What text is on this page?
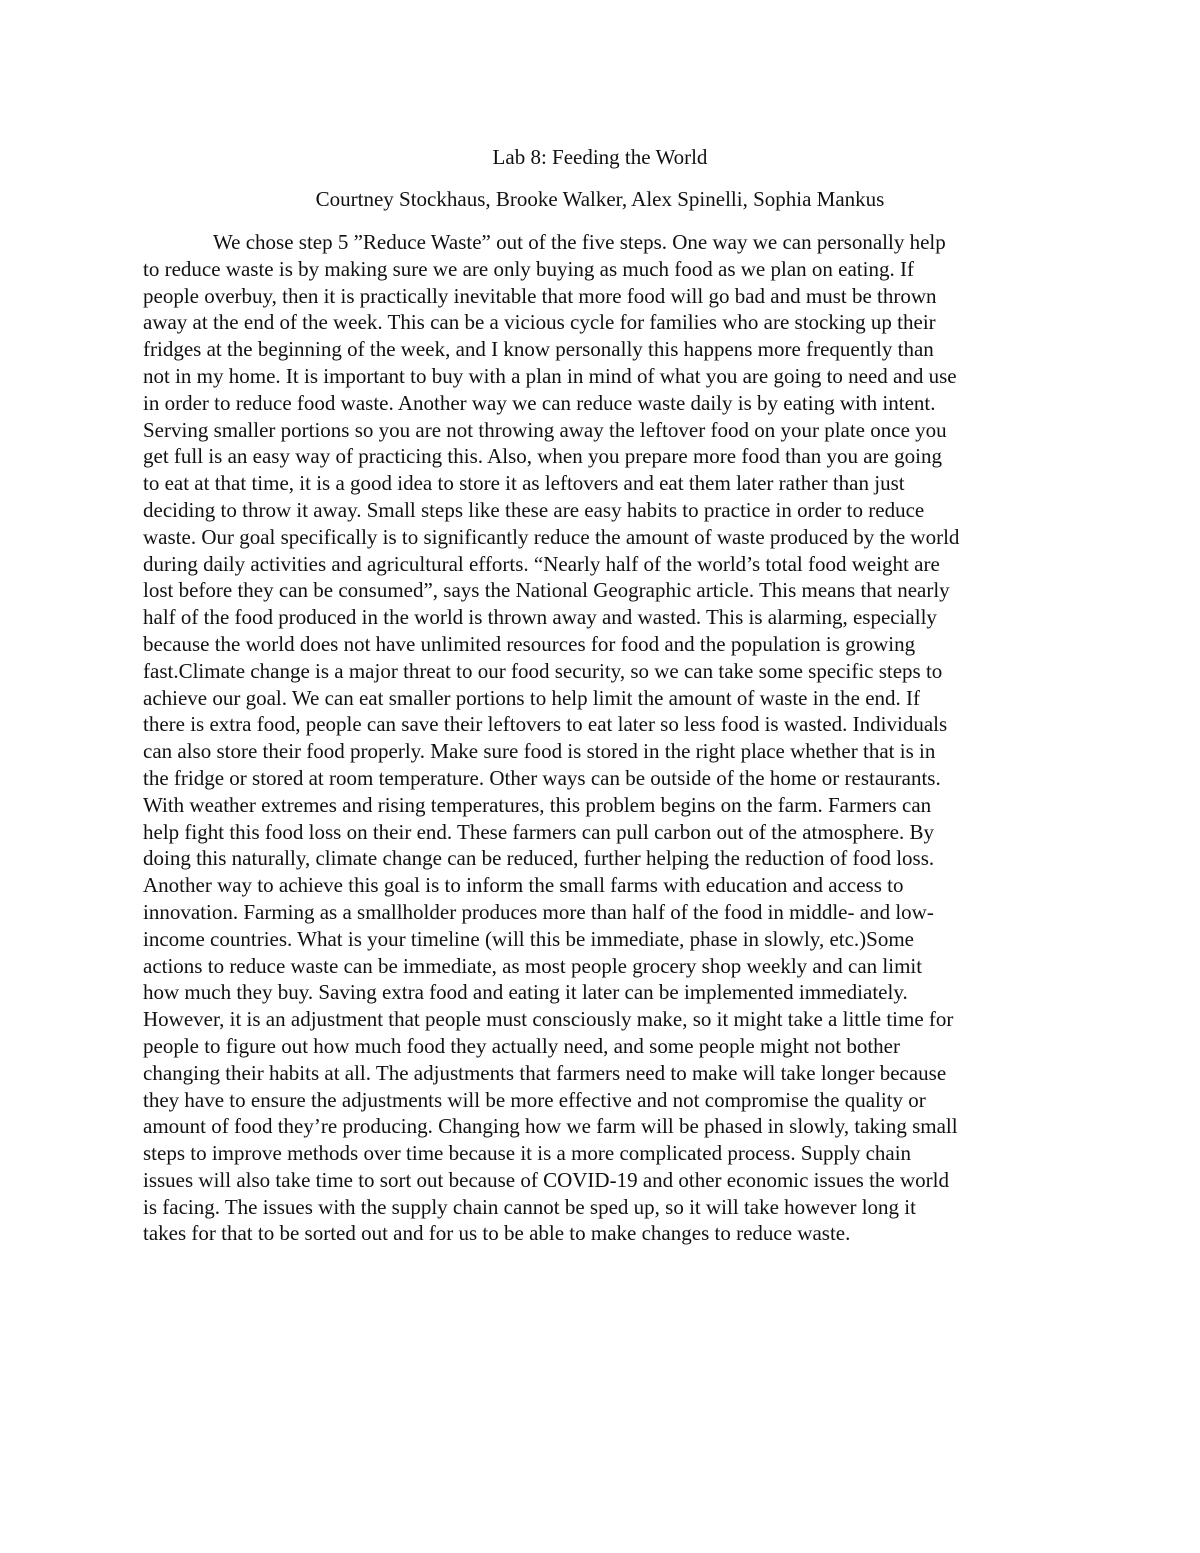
Lab 8: Feeding the World

Courtney Stockhaus, Brooke Walker, Alex Spinelli, Sophia Mankus

We chose step 5 ”Reduce Waste” out of the five steps. One way we can personally help
to reduce waste is by making sure we are only buying as much food as we plan on eating. If
people overbuy, then it is practically inevitable that more food will go bad and must be thrown
away at the end of the week. This can be a vicious cycle for families who are stocking up their
fridges at the beginning of the week, and I know personally this happens more frequently than
not in my home. It is important to buy with a plan in mind of what you are going to need and use
in order to reduce food waste. Another way we can reduce waste daily is by eating with intent.
Serving smaller portions so you are not throwing away the leftover food on your plate once you
get full is an easy way of practicing this. Also, when you prepare more food than you are going
to eat at that time, it is a good idea to store it as leftovers and eat them later rather than just
deciding to throw it away. Small steps like these are easy habits to practice in order to reduce
waste. Our goal specifically is to significantly reduce the amount of waste produced by the world
during daily activities and agricultural efforts. “Nearly half of the world’s total food weight are
lost before they can be consumed”, says the National Geographic article. This means that nearly
half of the food produced in the world is thrown away and wasted. This is alarming, especially
because the world does not have unlimited resources for food and the population is growing
fast.Climate change is a major threat to our food security, so we can take some specific steps to
achieve our goal. We can eat smaller portions to help limit the amount of waste in the end. If
there is extra food, people can save their leftovers to eat later so less food is wasted. Individuals
can also store their food properly. Make sure food is stored in the right place whether that is in
the fridge or stored at room temperature. Other ways can be outside of the home or restaurants.
With weather extremes and rising temperatures, this problem begins on the farm. Farmers can
help fight this food loss on their end. These farmers can pull carbon out of the atmosphere. By
doing this naturally, climate change can be reduced, further helping the reduction of food loss.
Another way to achieve this goal is to inform the small farms with education and access to
innovation. Farming as a smallholder produces more than half of the food in middle- and low-
income countries. What is your timeline (will this be immediate, phase in slowly, etc.)Some
actions to reduce waste can be immediate, as most people grocery shop weekly and can limit
how much they buy. Saving extra food and eating it later can be implemented immediately.
However, it is an adjustment that people must consciously make, so it might take a little time for
people to figure out how much food they actually need, and some people might not bother
changing their habits at all. The adjustments that farmers need to make will take longer because
they have to ensure the adjustments will be more effective and not compromise the quality or
amount of food they’re producing. Changing how we farm will be phased in slowly, taking small
steps to improve methods over time because it is a more complicated process. Supply chain
issues will also take time to sort out because of COVID-19 and other economic issues the world
is facing. The issues with the supply chain cannot be sped up, so it will take however long it
takes for that to be sorted out and for us to be able to make changes to reduce waste.
